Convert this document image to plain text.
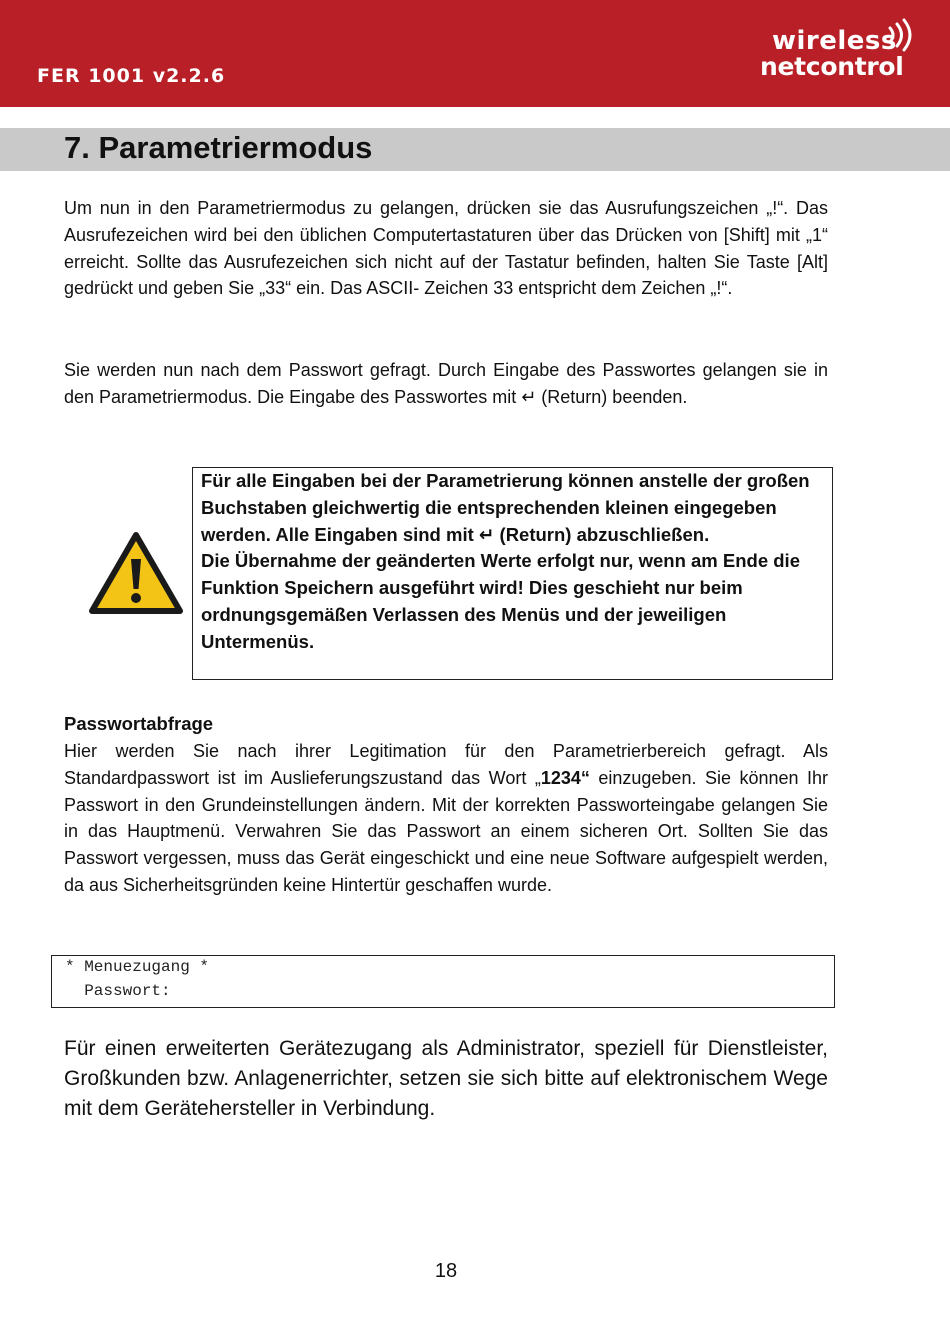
FER 1001 v2.2.6
wireless
netcontrol
7. Parametriermodus

Um nun in den Parametriermodus zu gelangen, drücken sie das Ausrufungszeichen „!“. Das Ausrufezeichen wird bei den üblichen Computertastaturen über das Drücken von [Shift] mit „1“ erreicht. Sollte das Ausrufezeichen sich nicht auf der Tastatur befinden, halten Sie Taste [Alt] gedrückt und geben Sie „33“ ein. Das ASCII- Zeichen 33 entspricht dem Zeichen „!“.

Sie werden nun nach dem Passwort gefragt. Durch Eingabe des Passwortes gelangen sie in den Parametriermodus. Die Eingabe des Passwortes mit ↵ (Return) beenden.

Für alle Eingaben bei der Parametrierung können anstelle der großen Buchstaben gleichwertig die entsprechenden kleinen eingegeben werden. Alle Eingaben sind mit ↵ (Return) abzuschließen.

Die Übernahme der geänderten Werte erfolgt nur, wenn am Ende die Funktion Speichern ausgeführt wird! Dies geschieht nur beim ordnungsgemäßen Verlassen des Menüs und der jeweiligen Untermenüs.

Passwortabfrage

Hier werden Sie nach ihrer Legitimation für den Parametrierbereich gefragt. Als Standardpasswort ist im Auslieferungszustand das Wort „1234“ einzugeben. Sie können Ihr Passwort in den Grundeinstellungen ändern. Mit der korrekten Passworteingabe gelangen Sie in das Hauptmenü. Verwahren Sie das Passwort an einem sicheren Ort. Sollten Sie das Passwort vergessen, muss das Gerät eingeschickt und eine neue Software aufgespielt werden, da aus Sicherheitsgründen keine Hintertür geschaffen wurde.

* Menuezugang *
Passwort:

Für einen erweiterten Gerätezugang als Administrator, speziell für Dienstleister, Großkunden bzw. Anlagenerrichter, setzen sie sich bitte auf elektronischem Wege mit dem Gerätehersteller in Verbindung.

18
